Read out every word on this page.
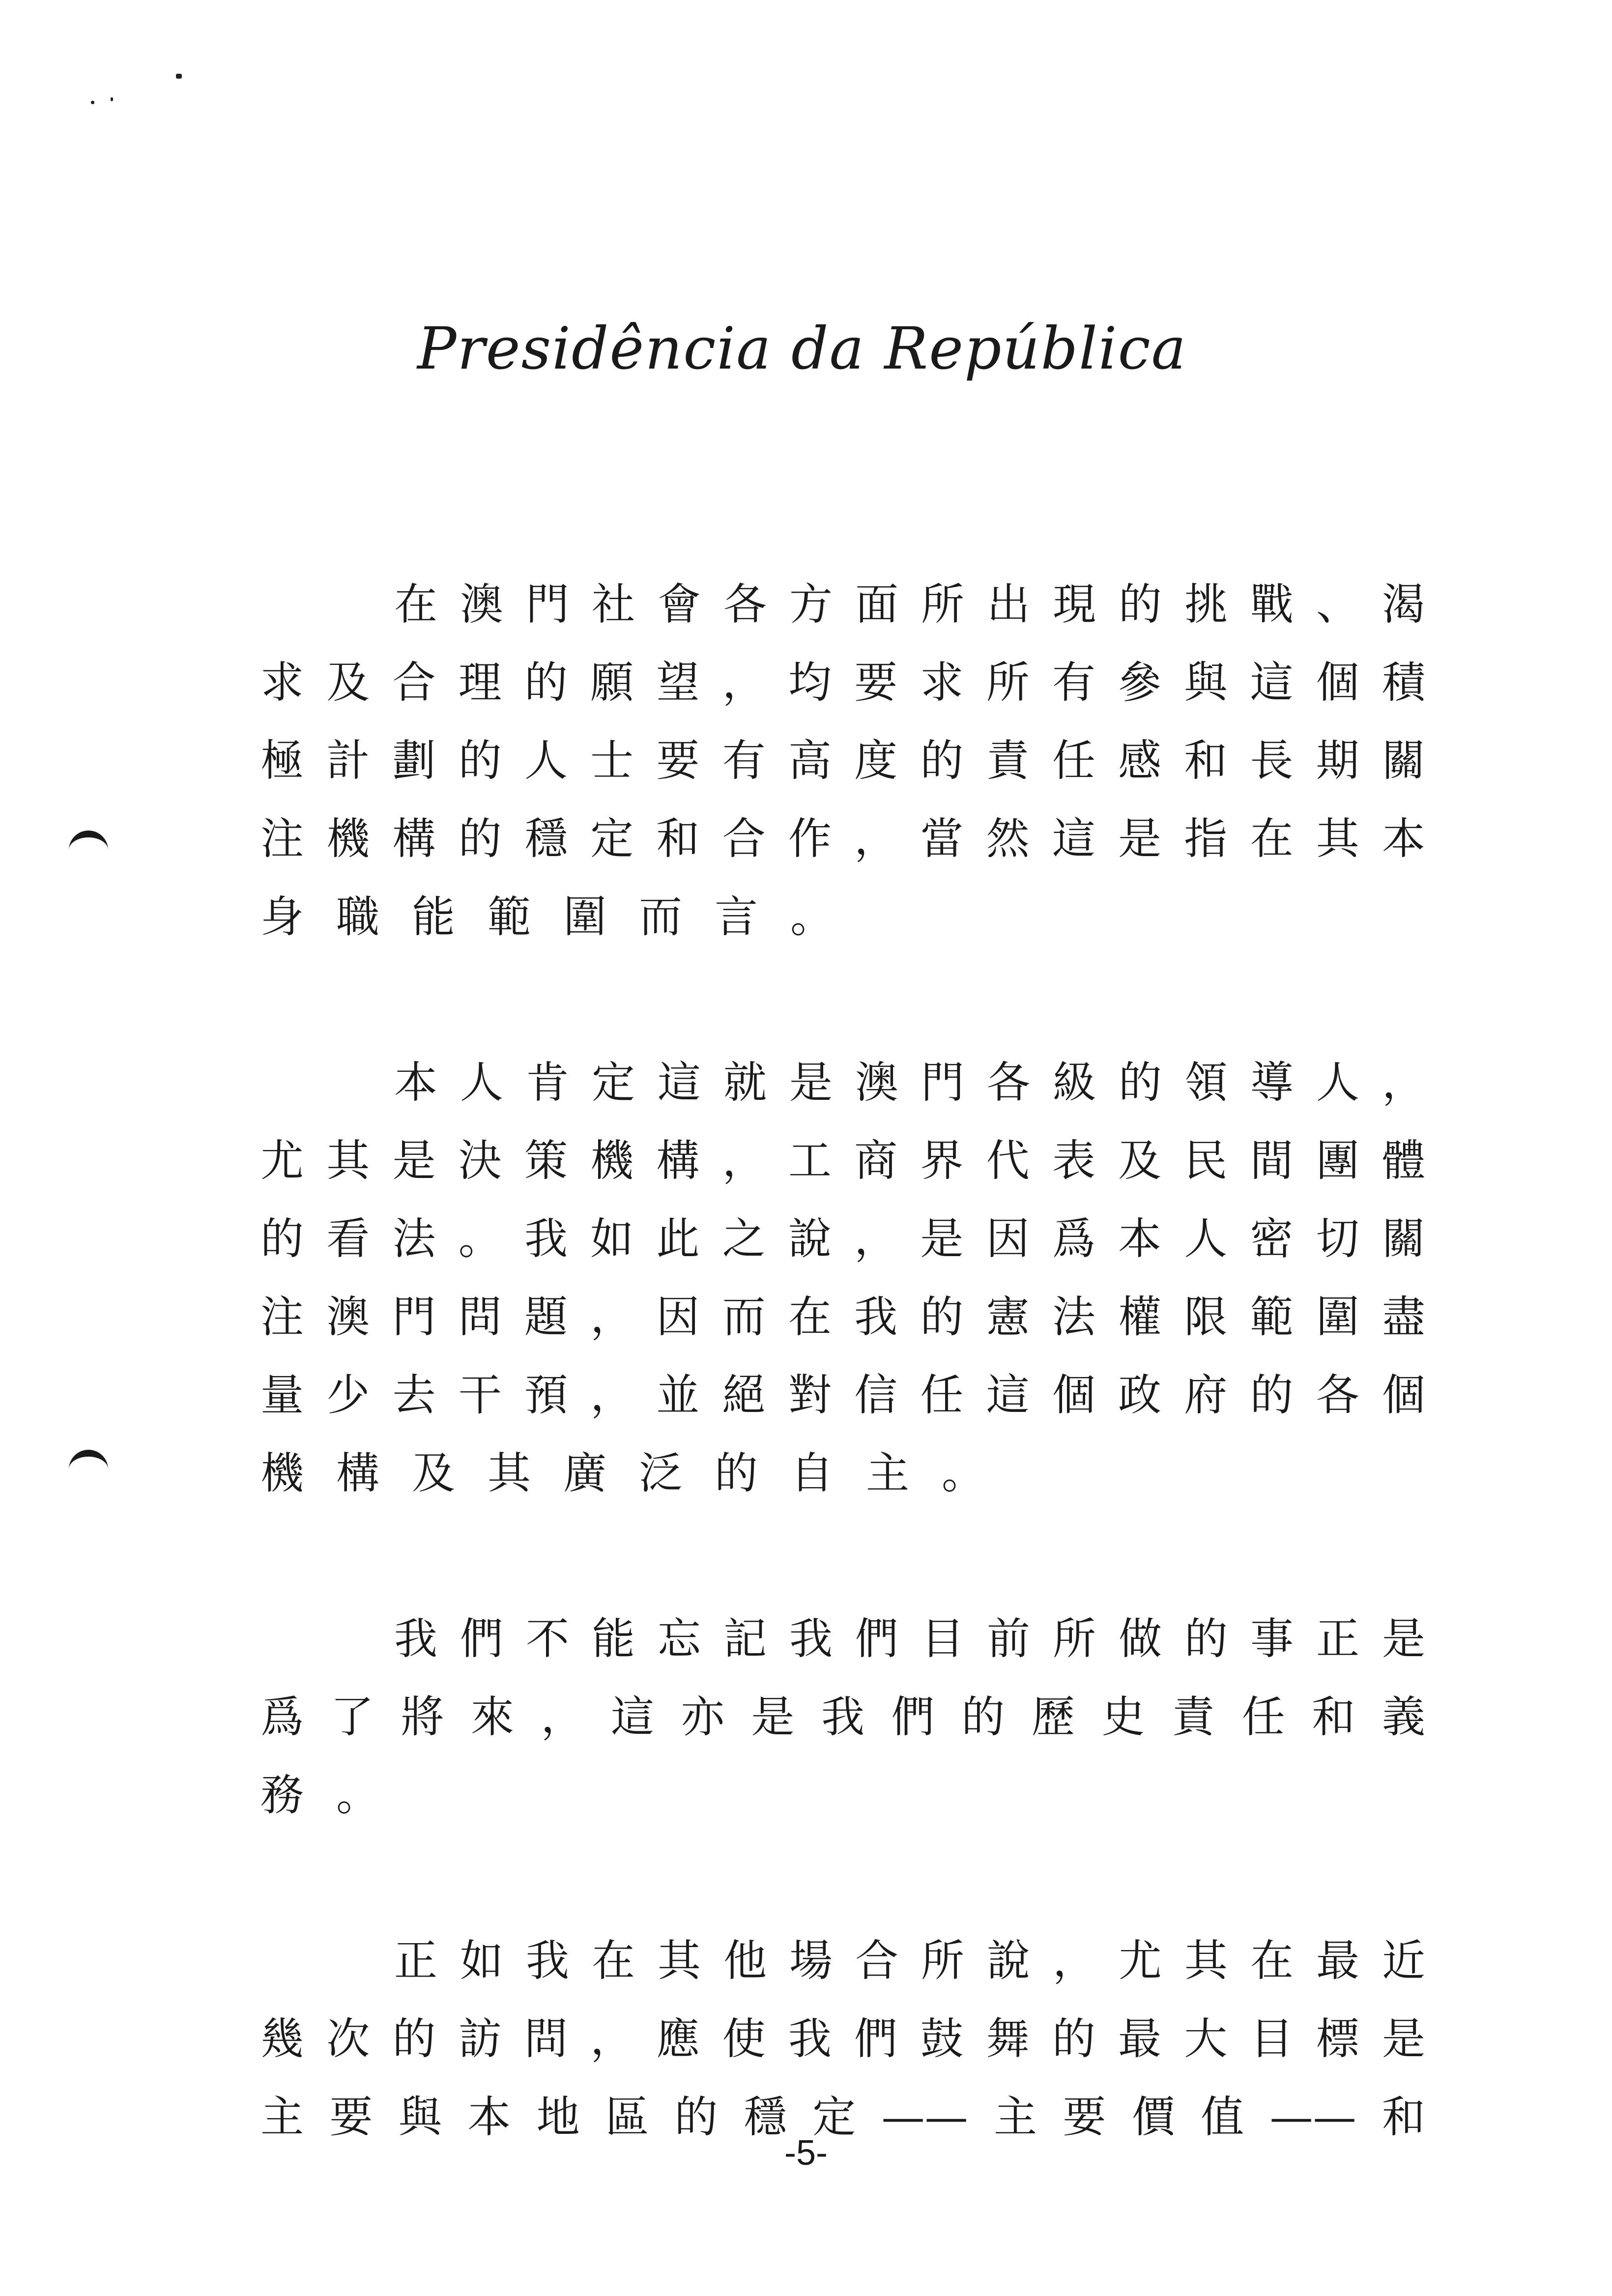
Presidência da República
在澳門社會各方面所出現的挑戰、渴
求及合理的願望，均要求所有參與這個積
極計劃的人士要有高度的責任感和長期關
注機構的穩定和合作，當然這是指在其本
身職能範圍而言。
本人肯定這就是澳門各級的領導人，
尤其是決策機構，工商界代表及民間團體
的看法。我如此之說，是因爲本人密切關
注澳門問題，因而在我的憲法權限範圍盡
量少去干預，並絕對信任這個政府的各個
機構及其廣泛的自主。
我們不能忘記我們目前所做的事正是
爲了將來，這亦是我們的歷史責任和義
務。
正如我在其他場合所說，尤其在最近
幾次的訪問，應使我們鼓舞的最大目標是
主要與本地區的穩定——主要價值——和
-5-
